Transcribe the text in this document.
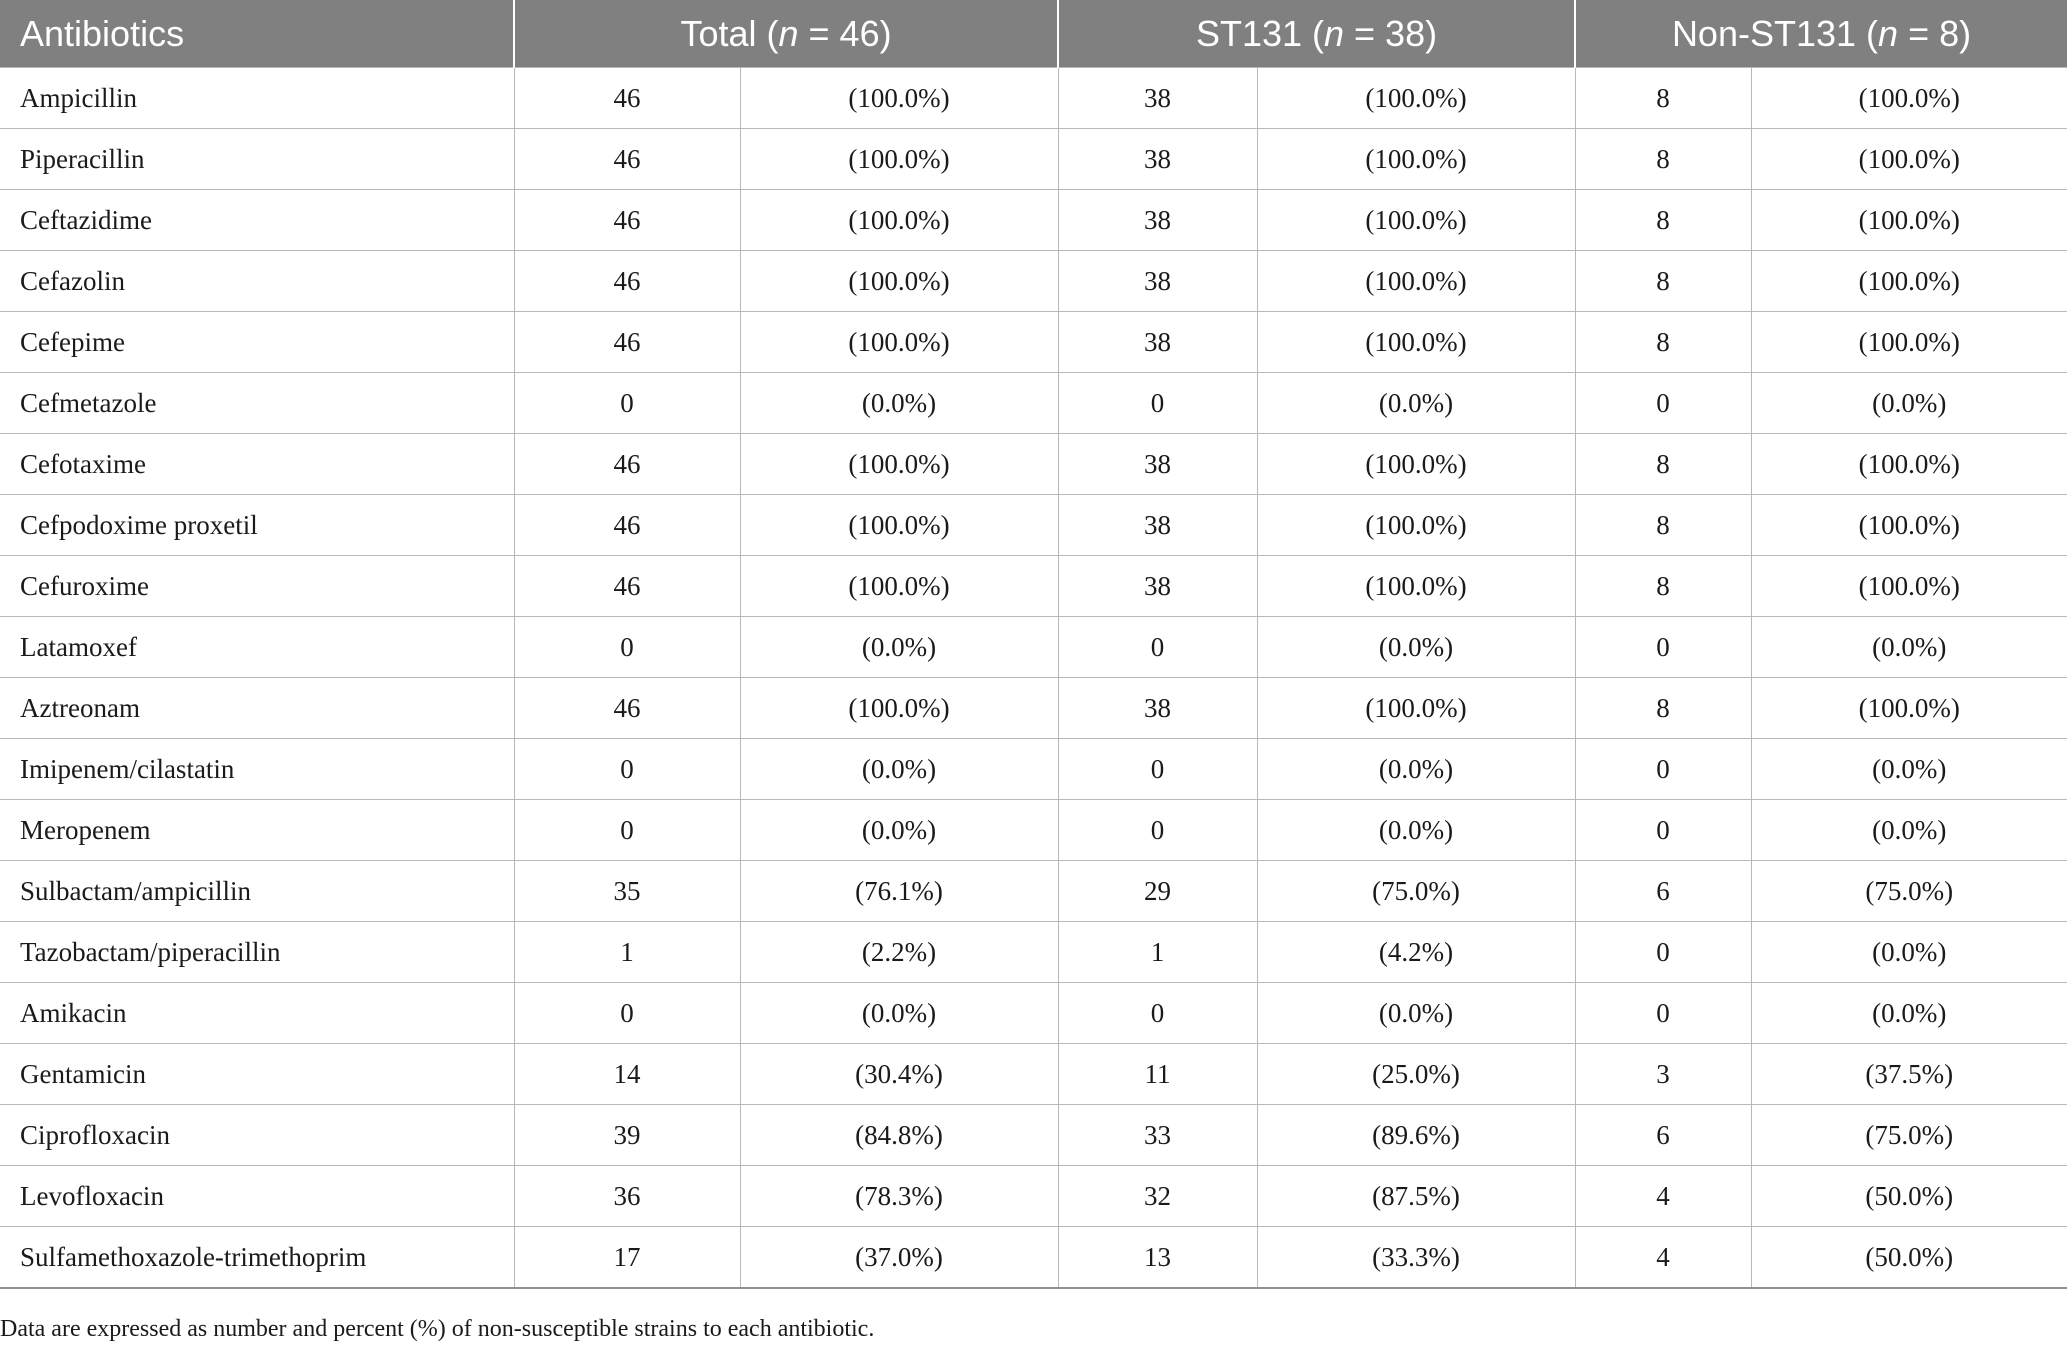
Antibiotics	Total (n = 46)		ST131 (n = 38)		Non-ST131 (n = 8)	
Ampicillin	46	(100.0%)	38	(100.0%)	8	(100.0%)
Piperacillin	46	(100.0%)	38	(100.0%)	8	(100.0%)
Ceftazidime	46	(100.0%)	38	(100.0%)	8	(100.0%)
Cefazolin	46	(100.0%)	38	(100.0%)	8	(100.0%)
Cefepime	46	(100.0%)	38	(100.0%)	8	(100.0%)
Cefmetazole	0	(0.0%)	0	(0.0%)	0	(0.0%)
Cefotaxime	46	(100.0%)	38	(100.0%)	8	(100.0%)
Cefpodoxime proxetil	46	(100.0%)	38	(100.0%)	8	(100.0%)
Cefuroxime	46	(100.0%)	38	(100.0%)	8	(100.0%)
Latamoxef	0	(0.0%)	0	(0.0%)	0	(0.0%)
Aztreonam	46	(100.0%)	38	(100.0%)	8	(100.0%)
Imipenem/cilastatin	0	(0.0%)	0	(0.0%)	0	(0.0%)
Meropenem	0	(0.0%)	0	(0.0%)	0	(0.0%)
Sulbactam/ampicillin	35	(76.1%)	29	(75.0%)	6	(75.0%)
Tazobactam/piperacillin	1	(2.2%)	1	(4.2%)	0	(0.0%)
Amikacin	0	(0.0%)	0	(0.0%)	0	(0.0%)
Gentamicin	14	(30.4%)	11	(25.0%)	3	(37.5%)
Ciprofloxacin	39	(84.8%)	33	(89.6%)	6	(75.0%)
Levofloxacin	36	(78.3%)	32	(87.5%)	4	(50.0%)
Sulfamethoxazole-trimethoprim	17	(37.0%)	13	(33.3%)	4	(50.0%)
Data are expressed as number and percent (%) of non-susceptible strains to each antibiotic.
